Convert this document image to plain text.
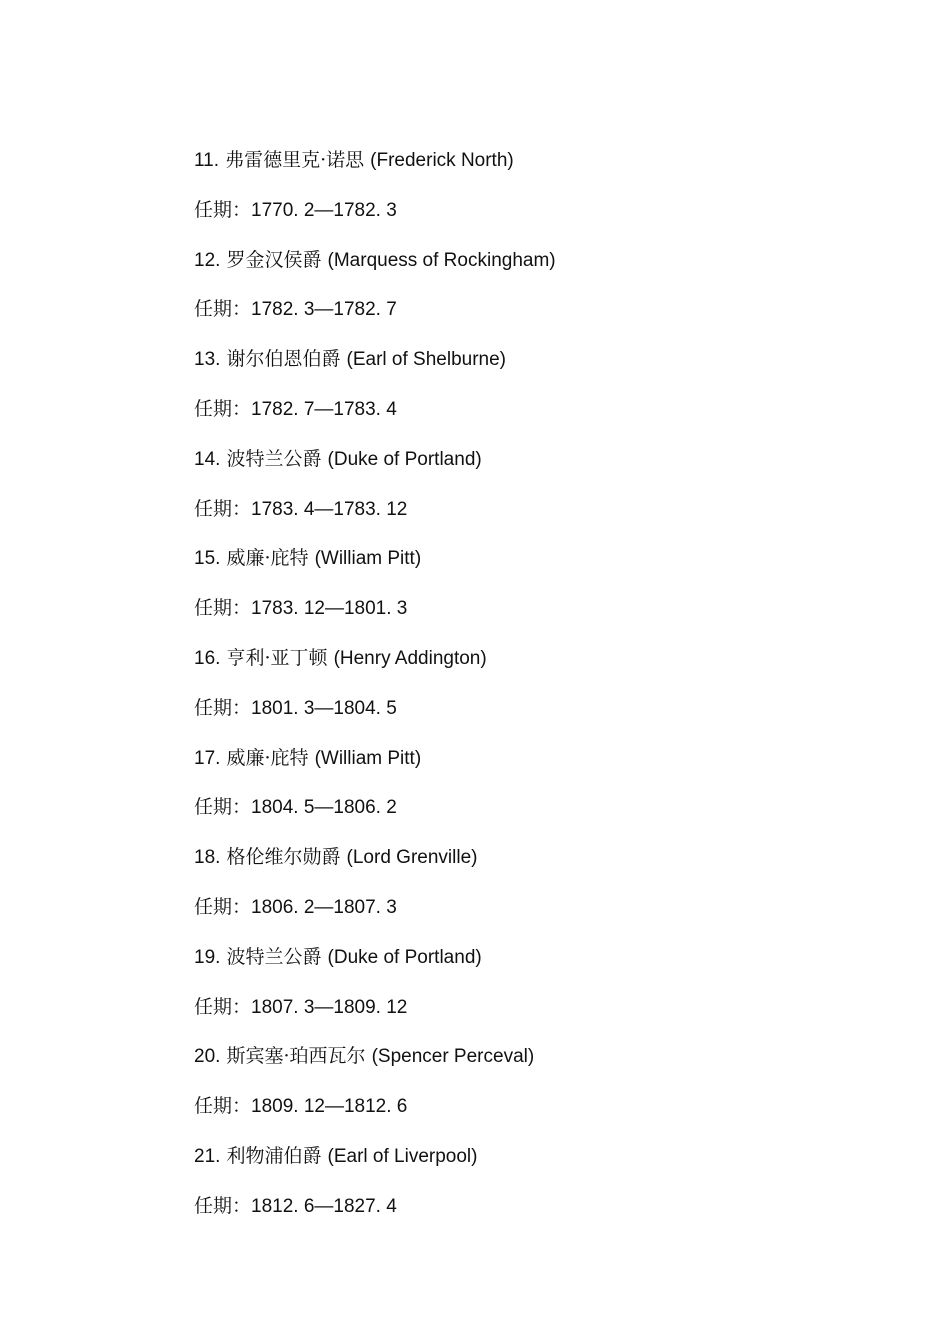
11. 弗雷德里克·诺思 (Frederick North)
任期：1770. 2—1782. 3
12. 罗金汉侯爵 (Marquess of Rockingham)
任期：1782. 3—1782. 7
13. 谢尔伯恩伯爵 (Earl of Shelburne)
任期：1782. 7—1783. 4
14. 波特兰公爵 (Duke of Portland)
任期：1783. 4—1783. 12
15. 威廉·庇特 (William Pitt)
任期：1783. 12—1801. 3
16. 亨利·亚丁顿 (Henry Addington)
任期：1801. 3—1804. 5
17. 威廉·庇特 (William Pitt)
任期：1804. 5—1806. 2
18. 格伦维尔勋爵 (Lord Grenville)
任期：1806. 2—1807. 3
19. 波特兰公爵 (Duke of Portland)
任期：1807. 3—1809. 12
20. 斯宾塞·珀西瓦尔 (Spencer Perceval)
任期：1809. 12—1812. 6
21. 利物浦伯爵 (Earl of Liverpool)
任期：1812. 6—1827. 4
